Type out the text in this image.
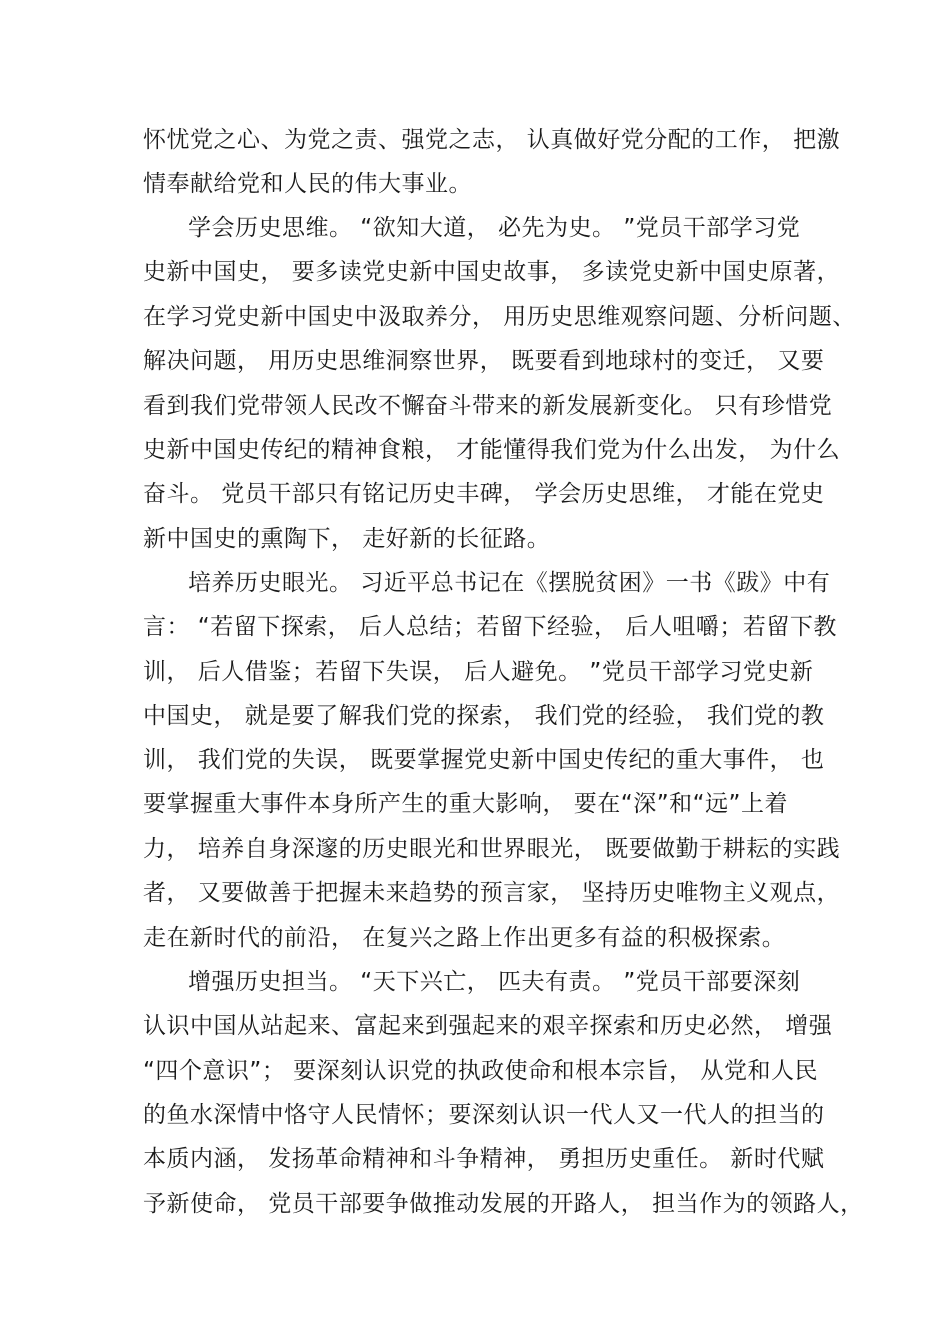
怀忧党之心、为党之责、强党之志， 认真做好党分配的工作， 把激
情奉献给党和人民的伟大事业。
学会历史思维。 “欲知大道， 必先为史。 ”党员干部学习党
史新中国史， 要多读党史新中国史故事， 多读党史新中国史原著，
在学习党史新中国史中汲取养分， 用历史思维观察问题、分析问题、
解决问题， 用历史思维洞察世界， 既要看到地球村的变迁， 又要
看到我们党带领人民改不懈奋斗带来的新发展新变化。 只有珍惜党
史新中国史传纪的精神食粮， 才能懂得我们党为什么出发， 为什么
奋斗。 党员干部只有铭记历史丰碑， 学会历史思维， 才能在党史
新中国史的熏陶下， 走好新的长征路。
培养历史眼光。 习近平总书记在《摆脱贫困》一书《跋》中有
言： “若留下探索， 后人总结；若留下经验， 后人咀嚼；若留下教
训， 后人借鉴；若留下失误， 后人避免。 ”党员干部学习党史新
中国史， 就是要了解我们党的探索， 我们党的经验， 我们党的教
训， 我们党的失误， 既要掌握党史新中国史传纪的重大事件， 也
要掌握重大事件本身所产生的重大影响， 要在“深”和“远”上着
力， 培养自身深邃的历史眼光和世界眼光， 既要做勤于耕耘的实践
者， 又要做善于把握未来趋势的预言家， 坚持历史唯物主义观点，
走在新时代的前沿， 在复兴之路上作出更多有益的积极探索。
增强历史担当。 “天下兴亡， 匹夫有责。 ”党员干部要深刻
认识中国从站起来、富起来到强起来的艰辛探索和历史必然， 增强
“四个意识”； 要深刻认识党的执政使命和根本宗旨， 从党和人民
的鱼水深情中恪守人民情怀；要深刻认识一代人又一代人的担当的
本质内涵， 发扬革命精神和斗争精神， 勇担历史重任。 新时代赋
予新使命， 党员干部要争做推动发展的开路人， 担当作为的领路人，
